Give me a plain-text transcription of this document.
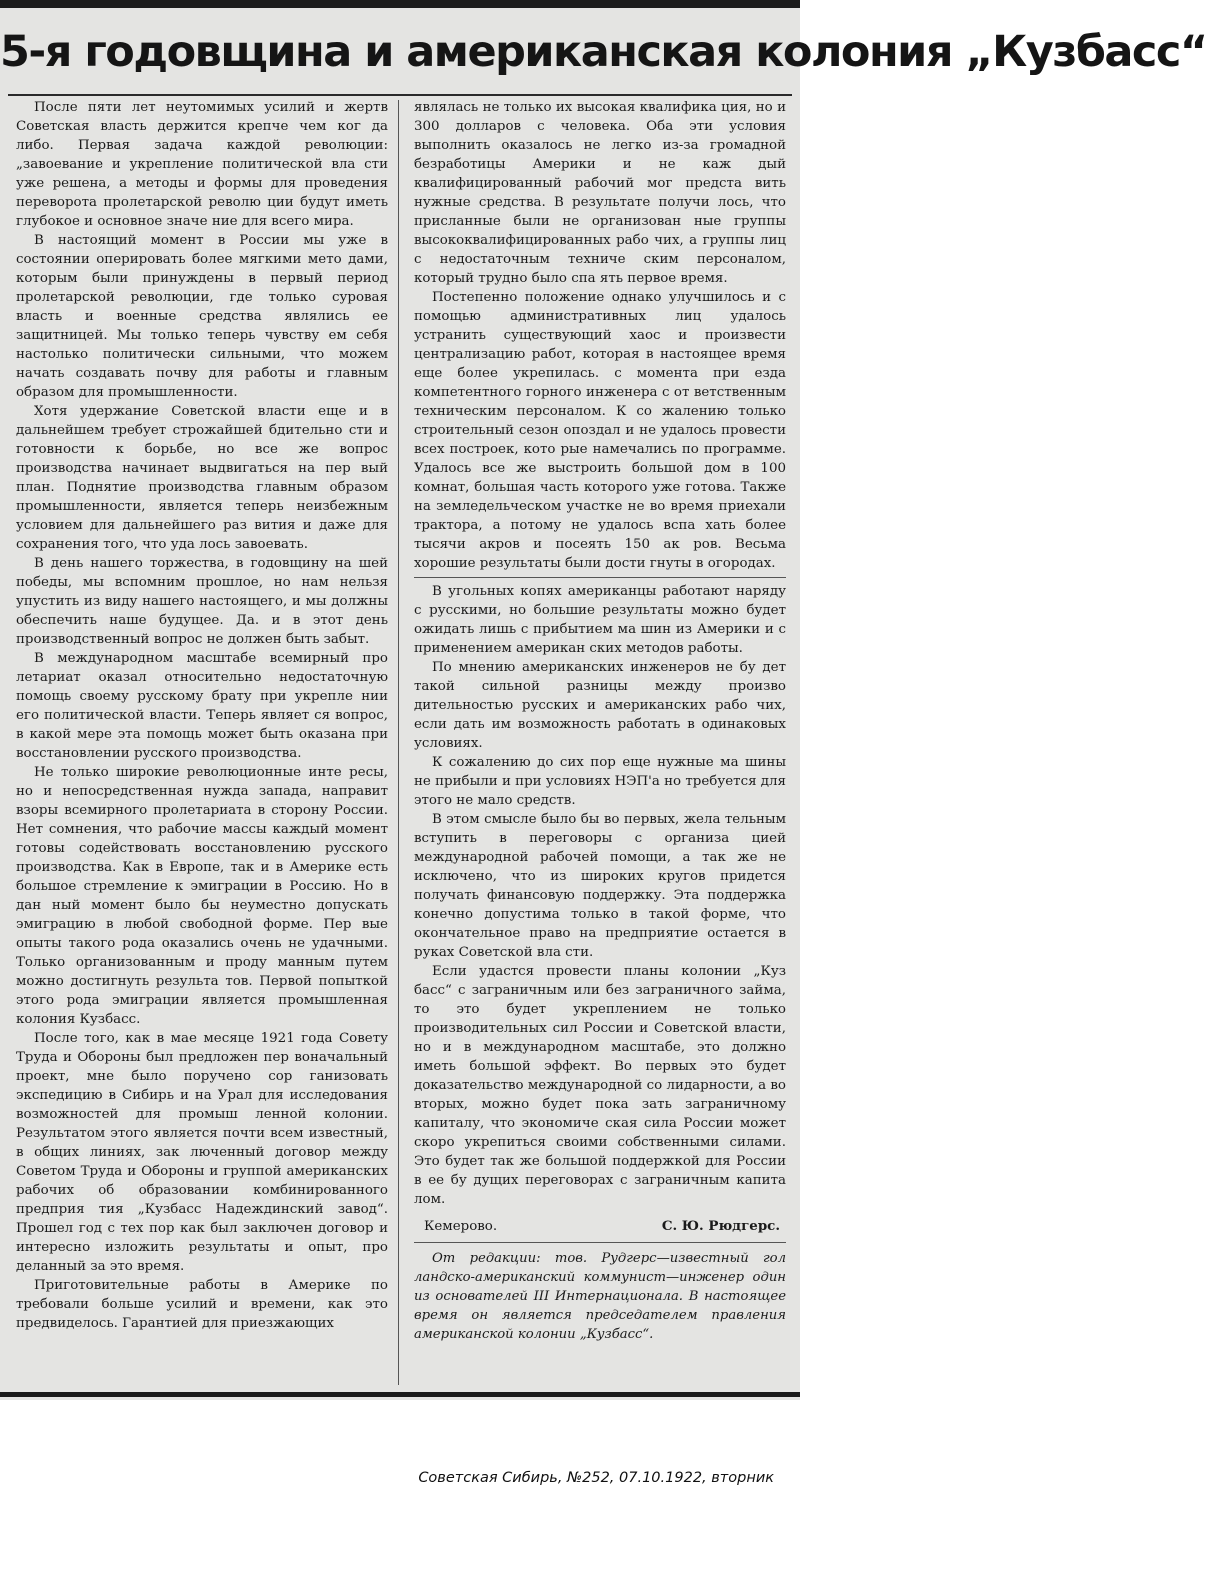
5-я годовщина и американская колония „Кузбасс“

После пяти лет неутомимых усилий и жертв Советская власть держится крепче чем ког да либо. Первая задача каждой революции: „завоевание и укрепление политической вла сти уже решена, а методы и формы для проведения переворота пролетарской револю ции будут иметь глубокое и основное значе ние для всего мира.

В настоящий момент в России мы уже в состоянии оперировать более мягкими мето дами, которым были принуждены в первый период пролетарской революции, где только суровая власть и военные средства являлись ее защитницей. Мы только теперь чувству ем себя настолько политически сильными, что можем начать создавать почву для работы и главным образом для промышленности.

Хотя удержание Советской власти еще и в дальнейшем требует строжайшей бдительно сти и готовности к борьбе, но все же вопрос производства начинает выдвигаться на пер вый план. Поднятие производства главным образом промышленности, является теперь неизбежным условием для дальнейшего раз вития и даже для сохранения того, что уда лось завоевать.

В день нашего торжества, в годовщину на шей победы, мы вспомним прошлое, но нам нельзя упустить из виду нашего настоящего, и мы должны обеспечить наше будущее. Да. и в этот день производственный вопрос не должен быть забыт.

В международном масштабе всемирный про летариат оказал относительно недостаточную помощь своему русскому брату при укрепле нии его политической власти. Теперь являет ся вопрос, в какой мере эта помощь может быть оказана при восстановлении русского производства.

Не только широкие революционные инте ресы, но и непосредственная нужда запада, направит взоры всемирного пролетариата в сторону России. Нет сомнения, что рабочие массы каждый момент готовы содействовать восстановлению русского производства. Как в Европе, так и в Америке есть большое стремление к эмиграции в Россию. Но в дан ный момент было бы неуместно допускать эмиграцию в любой свободной форме. Пер вые опыты такого рода оказались очень не удачными. Только организованным и проду манным путем можно достигнуть результа тов. Первой попыткой этого рода эмиграции является промышленная колония Кузбасс.

После того, как в мае месяце 1921 года Совету Труда и Обороны был предложен пер воначальный проект, мне было поручено сор ганизовать экспедицию в Сибирь и на Урал для исследования возможностей для промыш ленной колонии. Результатом этого является почти всем известный, в общих линиях, зак люченный договор между Советом Труда и Обороны и группой американских рабочих об образовании комбинированного предприя тия „Кузбасс Надеждинский завод“. Прошел год с тех пор как был заключен договор и интересно изложить результаты и опыт, про деланный за это время.

Приготовительные работы в Америке по требовали больше усилий и времени, как это предвиделось. Гарантией для приезжающих

являлась не только их высокая квалифика ция, но и 300 долларов с человека. Оба эти условия выполнить оказалось не легко из-за громадной безработицы Америки и не каж дый квалифицированный рабочий мог предста вить нужные средства. В результате получи лось, что присланные были не организован ные группы высококвалифицированных рабо чих, а группы лиц с недостаточным техниче ским персоналом, который трудно было спа ять первое время.

Постепенно положение однако улучшилось и с помощью административных лиц удалось устранить существующий хаос и произвести централизацию работ, которая в настоящее время еще более укрепилась. с момента при езда компетентного горного инженера с от ветственным техническим персоналом. К со жалению только строительный сезон опоздал и не удалось провести всех построек, кото рые намечались по программе. Удалось все же выстроить большой дом в 100 комнат, большая часть которого уже готова. Также на земледельческом участке не во время приехали трактора, а потому не удалось вспа хать более тысячи акров и посеять 150 ак ров. Весьма хорошие результаты были дости гнуты в огородах.

В угольных копях американцы работают наряду с русскими, но большие результаты можно будет ожидать лишь с прибытием ма шин из Америки и с применением американ ских методов работы.

По мнению американских инженеров не бу дет такой сильной разницы между произво дительностью русских и американских рабо чих, если дать им возможность работать в одинаковых условиях.

К сожалению до сих пор еще нужные ма шины не прибыли и при условиях НЭП'а но требуется для этого не мало средств.

В этом смысле было бы во первых, жела тельным вступить в переговоры с организа цией международной рабочей помощи, а так же не исключено, что из широких кругов придется получать финансовую поддержку. Эта поддержка конечно допустима только в такой форме, что окончательное право на предприятие остается в руках Советской вла сти.

Если удастся провести планы колонии „Куз басс“ с заграничным или без заграничного займа, то это будет укреплением не только производительных сил России и Советской власти, но и в международном масштабе, это должно иметь большой эффект. Во первых это будет доказательство международной со лидарности, а во вторых, можно будет пока зать заграничному капиталу, что экономиче ская сила России может скоро укрепиться своими собственными силами. Это будет так же большой поддержкой для России в ее бу дущих переговорах с заграничным капита лом.

Кемерово.	С. Ю. Рюдгерс.

От редакции: тов. Рудгерс—известный гол ландско-американский коммунист—инженер один из основателей III Интернационала. В настоящее время он является председателем правления американской колонии „Кузбасс“.

Советская Сибирь, №252, 07.10.1922, вторник
